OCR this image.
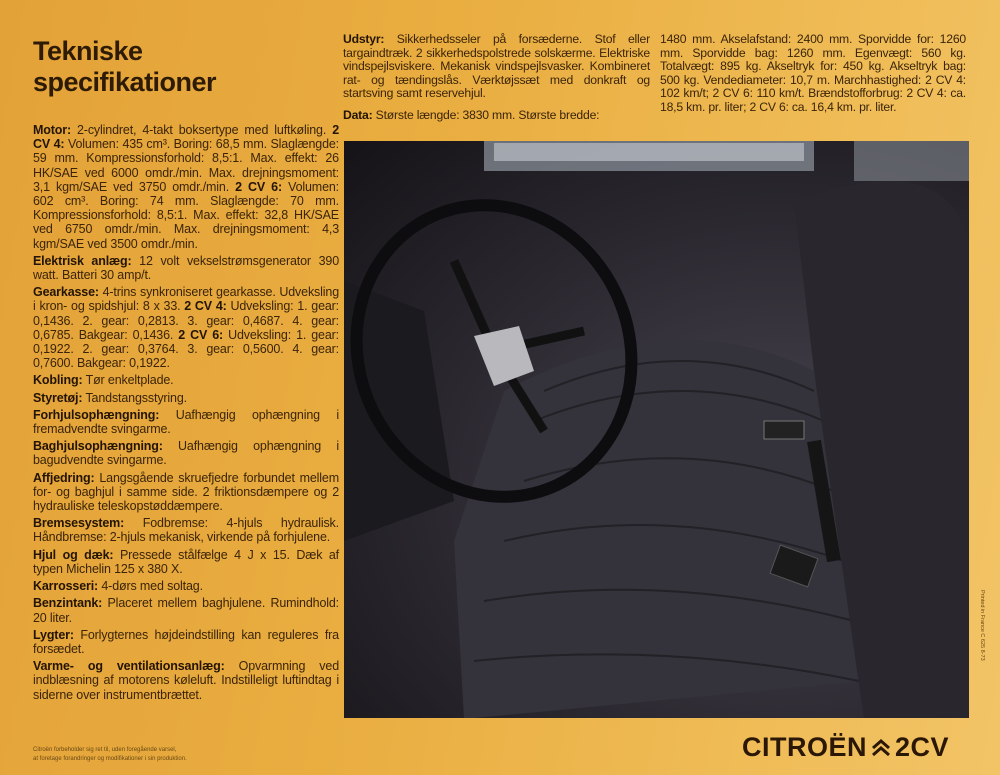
Tekniske
specifikationer

Motor: 2-cylindret, 4-takt boksertype med luftkøling. 2 CV 4: Volumen: 435 cm³. Boring: 68,5 mm. Slaglængde: 59 mm. Kompressionsforhold: 8,5:1. Max. effekt: 26 HK/SAE ved 6000 omdr./min. Max. drejningsmoment: 3,1 kgm/SAE ved 3750 omdr./min. 2 CV 6: Volumen: 602 cm³. Boring: 74 mm. Slaglængde: 70 mm. Kompressionsforhold: 8,5:1. Max. effekt: 32,8 HK/SAE ved 6750 omdr./min. Max. drejningsmoment: 4,3 kgm/SAE ved 3500 omdr./min.

Elektrisk anlæg: 12 volt vekselstrømsgenerator 390 watt. Batteri 30 amp/t.

Gearkasse: 4-trins synkroniseret gearkasse. Udveksling i kron- og spidshjul: 8 x 33. 2 CV 4: Udveksling: 1. gear: 0,1436. 2. gear: 0,2813. 3. gear: 0,4687. 4. gear: 0,6785. Bakgear: 0,1436. 2 CV 6: Udveksling: 1. gear: 0,1922. 2. gear: 0,3764. 3. gear: 0,5600. 4. gear: 0,7600. Bakgear: 0,1922.

Kobling: Tør enkeltplade.

Styretøj: Tandstangsstyring.

Forhjulsophængning: Uafhængig ophængning i fremadvendte svingarme.

Baghjulsophængning: Uafhængig ophængning i bagudvendte svingarme.

Affjedring: Langsgående skruefjedre forbundet mellem for- og baghjul i samme side. 2 friktionsdæmpere og 2 hydrauliske teleskopstøddæmpere.

Bremsesystem: Fodbremse: 4-hjuls hydraulisk. Håndbremse: 2-hjuls mekanisk, virkende på forhjulene.

Hjul og dæk: Pressede stålfælge 4 J x 15. Dæk af typen Michelin 125 x 380 X.

Karrosseri: 4-dørs med soltag.

Benzintank: Placeret mellem baghjulene. Rumindhold: 20 liter.

Lygter: Forlygternes højdeindstilling kan reguleres fra forsædet.

Varme- og ventilationsanlæg: Opvarmning ved indblæsning af motorens køleluft. Indstilleligt luftindtag i siderne over instrumentbrættet.

Udstyr: Sikkerhedsseler på forsæderne. Stof eller targaindtræk. 2 sikkerhedspolstrede solskærme. Elektriske vindspejlsviskere. Mekanisk vindspejlsvasker. Kombineret rat- og tændingslås. Værktøjssæt med donkraft og startsving samt reservehjul.

Data: Største længde: 3830 mm. Største bredde:

1480 mm. Akselafstand: 2400 mm. Sporvidde for: 1260 mm. Sporvidde bag: 1260 mm. Egenvægt: 560 kg. Totalvægt: 895 kg. Akseltryk for: 450 kg. Akseltryk bag: 500 kg. Vendediameter: 10,7 m. Marchhastighed: 2 CV 4: 102 km/t; 2 CV 6: 110 km/t. Brændstofforbrug: 2 CV 4: ca. 18,5 km. pr. liter; 2 CV 6: ca. 16,4 km. pr. liter.

Citroën forbeholder sig ret til, uden foregående varsel,
at foretage forandringer og modifikationer i sin produktion.
Printed in France C 625 8-73
CITROËN 2CV
